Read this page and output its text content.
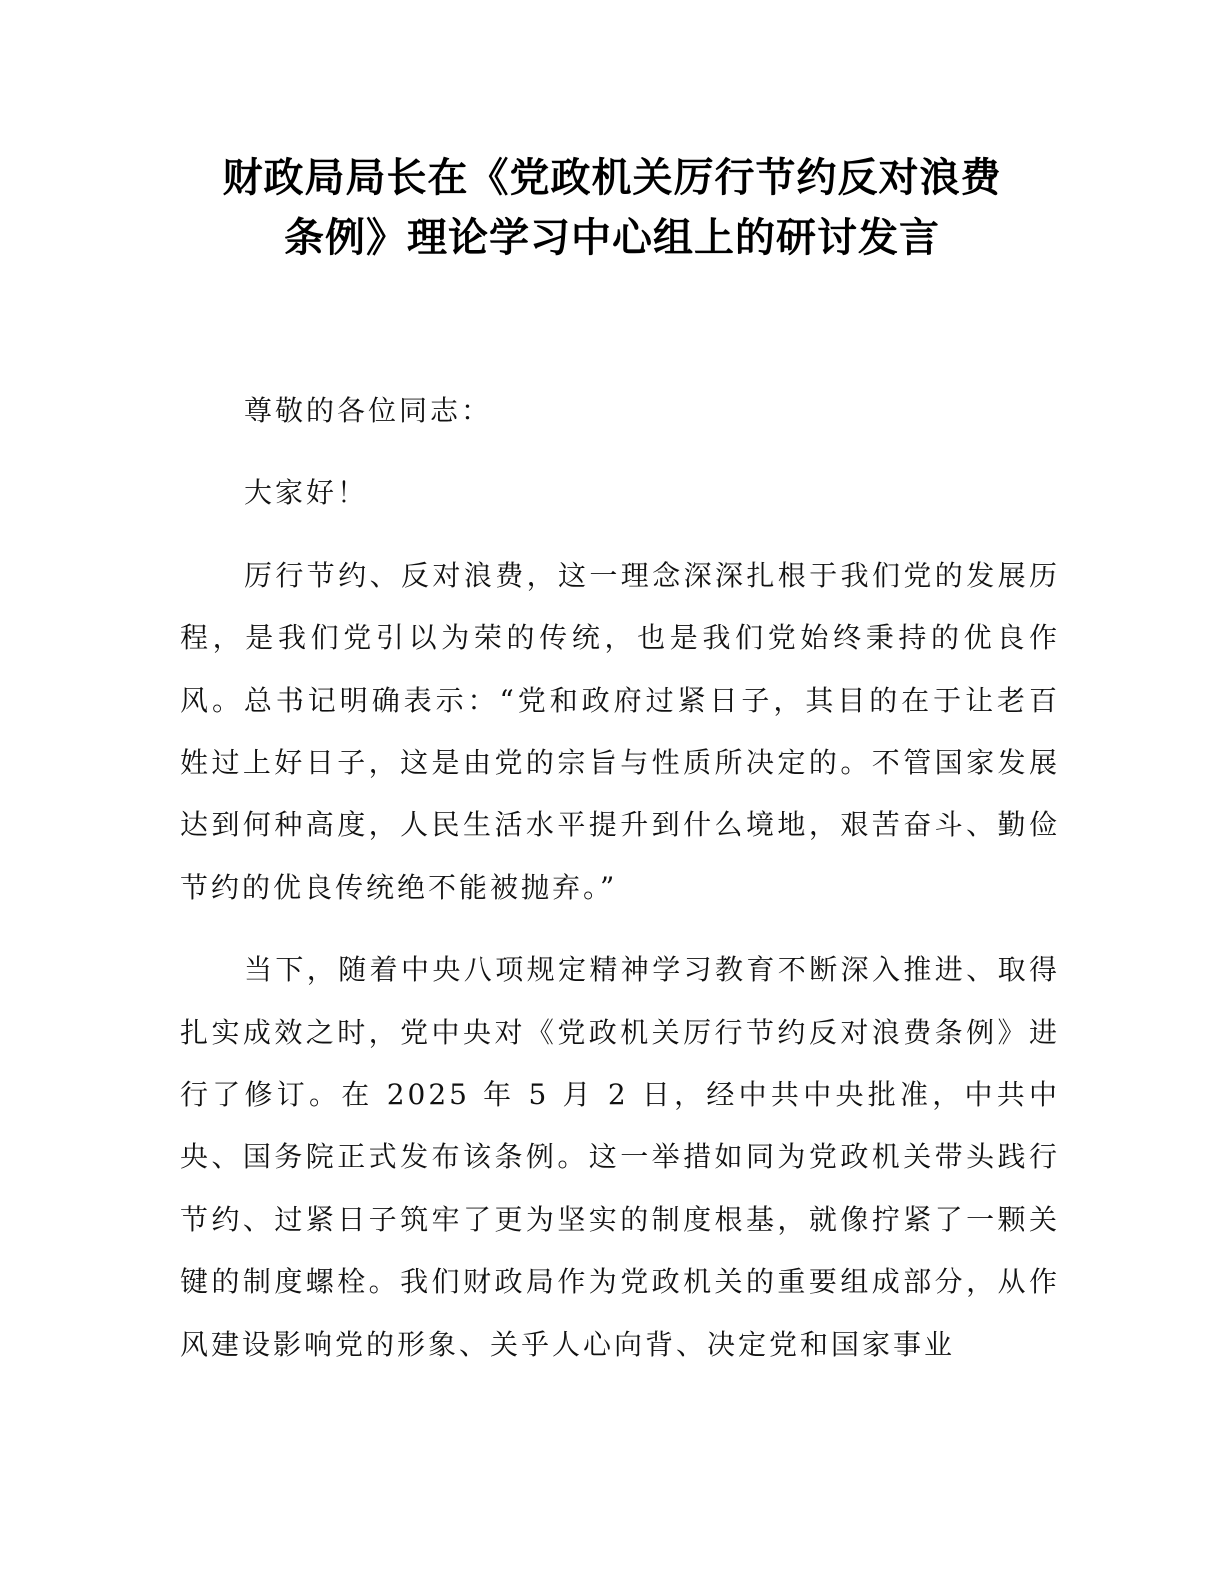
财政局局长在《党政机关厉行节约反对浪费
条例》理论学习中心组上的研讨发言

尊敬的各位同志：

大家好！

厉行节约、反对浪费，这一理念深深扎根于我们党的发展历程，是我们党引以为荣的传统，也是我们党始终秉持的优良作风。总书记明确表示：“党和政府过紧日子，其目的在于让老百姓过上好日子，这是由党的宗旨与性质所决定的。不管国家发展达到何种高度，人民生活水平提升到什么境地，艰苦奋斗、勤俭节约的优良传统绝不能被抛弃。”

当下，随着中央八项规定精神学习教育不断深入推进、取得扎实成效之时，党中央对《党政机关厉行节约反对浪费条例》进行了修订。在 2025 年 5 月 2 日，经中共中央批准，中共中央、国务院正式发布该条例。这一举措如同为党政机关带头践行节约、过紧日子筑牢了更为坚实的制度根基，就像拧紧了一颗关键的制度螺栓。我们财政局作为党政机关的重要组成部分，从作风建设影响党的形象、关乎人心向背、决定党和国家事业
